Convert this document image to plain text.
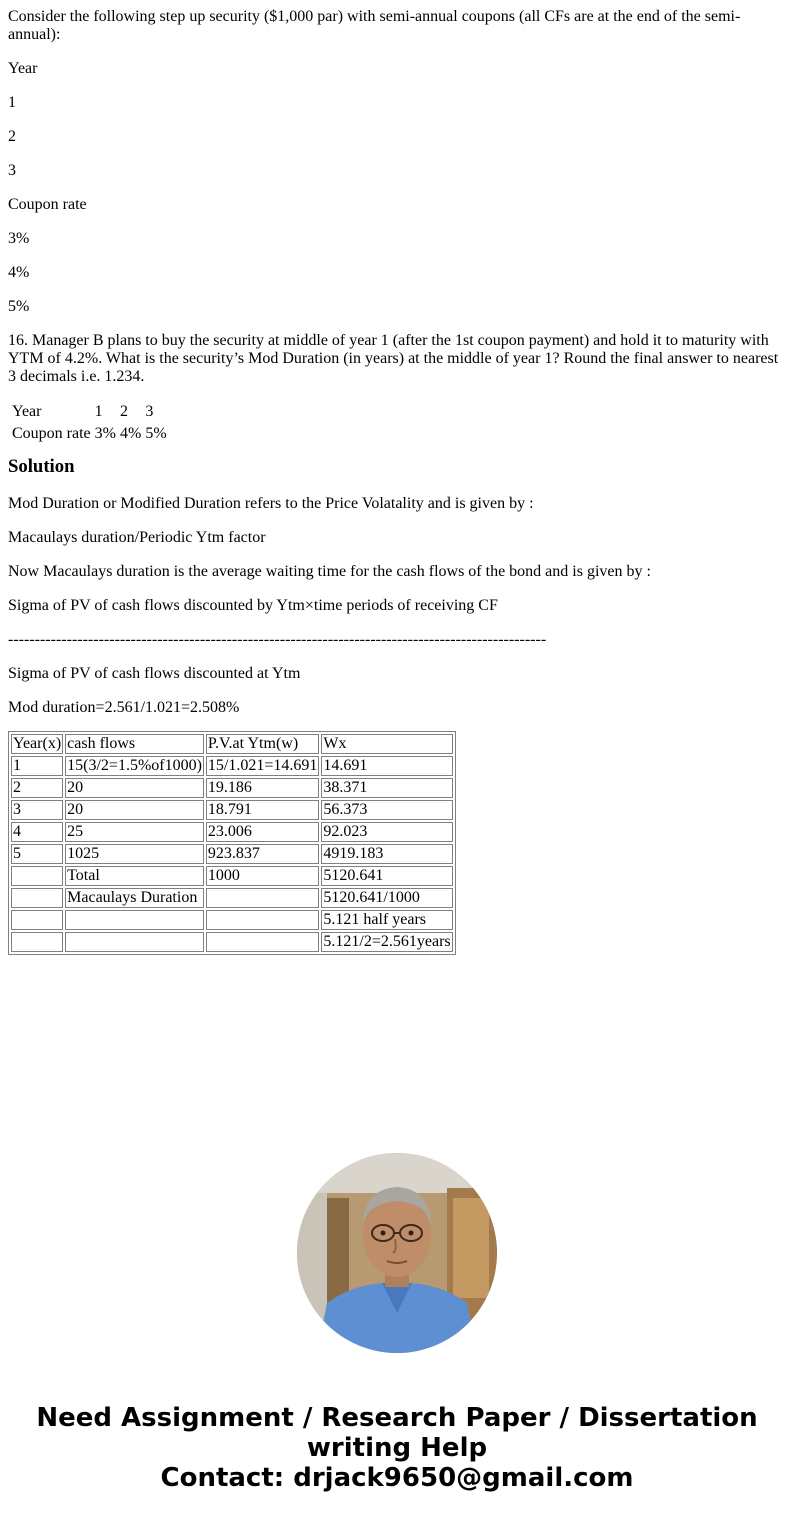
Consider the following step up security ($1,000 par) with semi-annual coupons (all CFs are at the end of the semi-annual):

Year

1

2

3

Coupon rate

3%

4%

5%

16. Manager B plans to buy the security at middle of year 1 (after the 1st coupon payment) and hold it to maturity with YTM of 4.2%. What is the security’s Mod Duration (in years) at the middle of year 1? Round the final answer to nearest 3 decimals i.e. 1.234.

Year	1	2	3
Coupon rate	3%	4%	5%
Solution

Mod Duration or Modified Duration refers to the Price Volatality and is given by :

Macaulays duration/Periodic Ytm factor

Now Macaulays duration is the average waiting time for the cash flows of the bond and is given by :

Sigma of PV of cash flows discounted by Ytm×time periods of receiving CF

-----------------------------------------------------------------------------------------------------

Sigma of PV of cash flows discounted at Ytm

Mod duration=2.561/1.021=2.508%

Year(x)	cash flows	P.V.at Ytm(w)	Wx
1	15(3/2=1.5%of1000)	15/1.021=14.691	14.691
2	20	19.186	38.371
3	20	18.791	56.373
4	25	23.006	92.023
5	1025	923.837	4919.183
	Total	1000	5120.641
	Macaulays Duration		5120.641/1000
			5.121 half years
			5.121/2=2.561years
Need Assignment / Research Paper / Dissertation
writing Help
Contact: drjack9650@gmail.com
